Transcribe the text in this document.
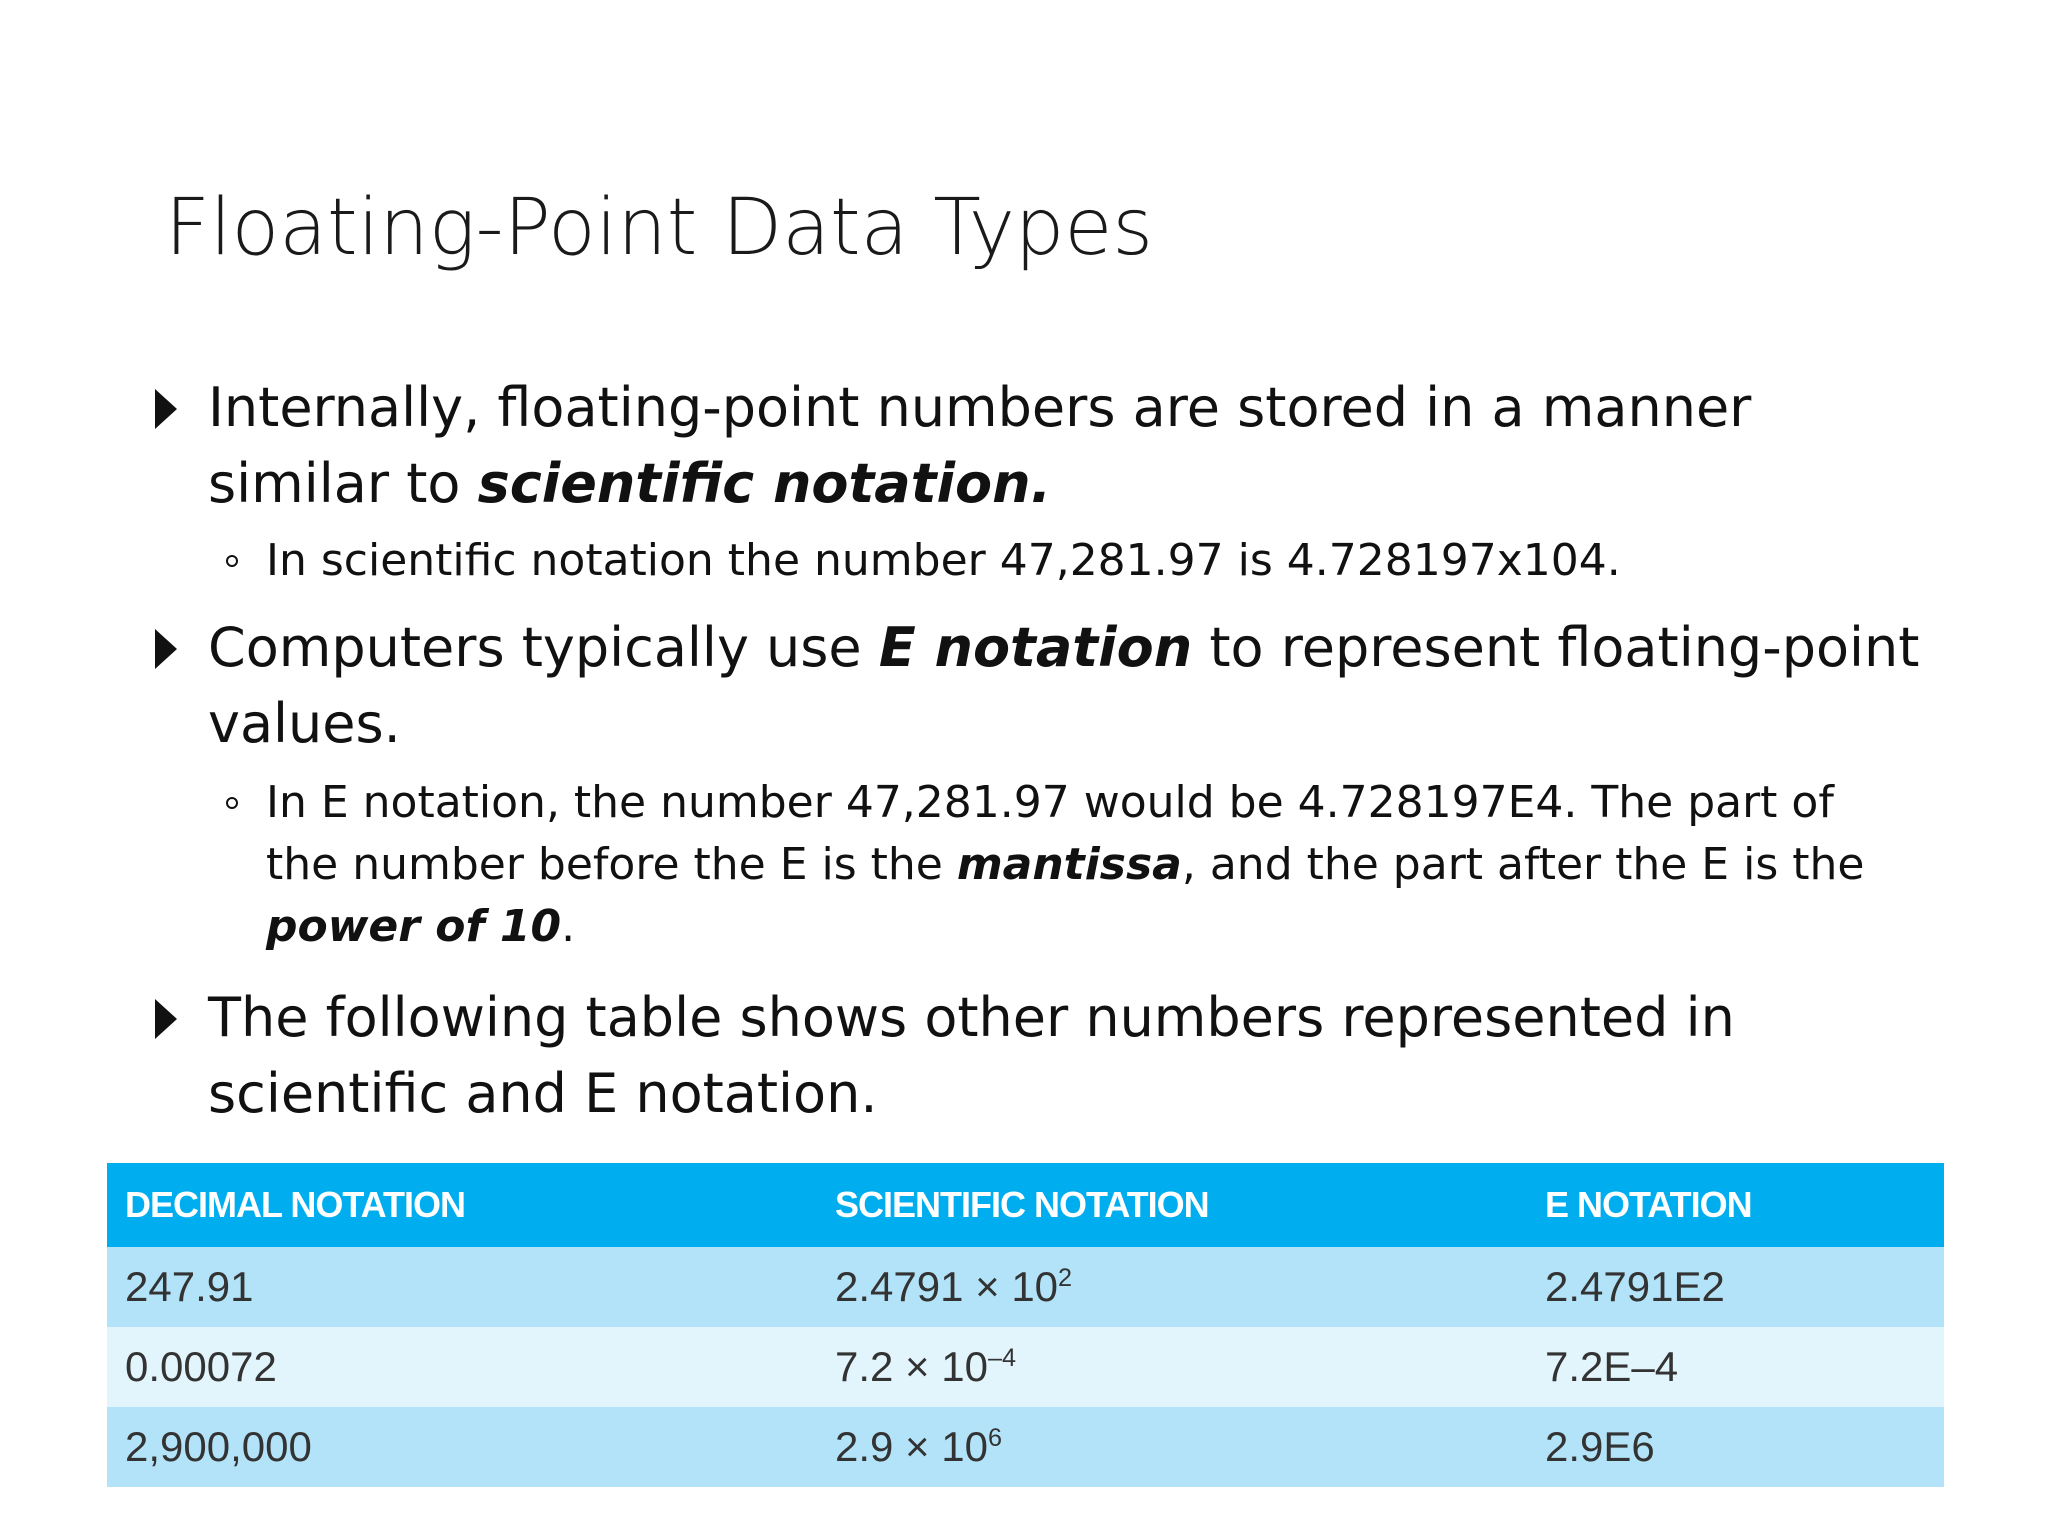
Floating-Point Data Types
Internally, floating-point numbers are stored in a manner
similar to scientific notation.
In scientific notation the number 47,281.97 is 4.728197x104.
Computers typically use E notation to represent floating-point
values.
In E notation, the number 47,281.97 would be 4.728197E4. The part of
the number before the E is the mantissa, and the part after the E is the
power of 10.
The following table shows other numbers represented in
scientific and E notation.
DECIMAL NOTATION	SCIENTIFIC NOTATION	E NOTATION
247.91	$2.4791 \times 10^2$	2.4791E2
0.00072	$7.2 \times 10^{-4}$	7.2E–4
2,900,000	$2.9 \times 10^6$	2.9E6
